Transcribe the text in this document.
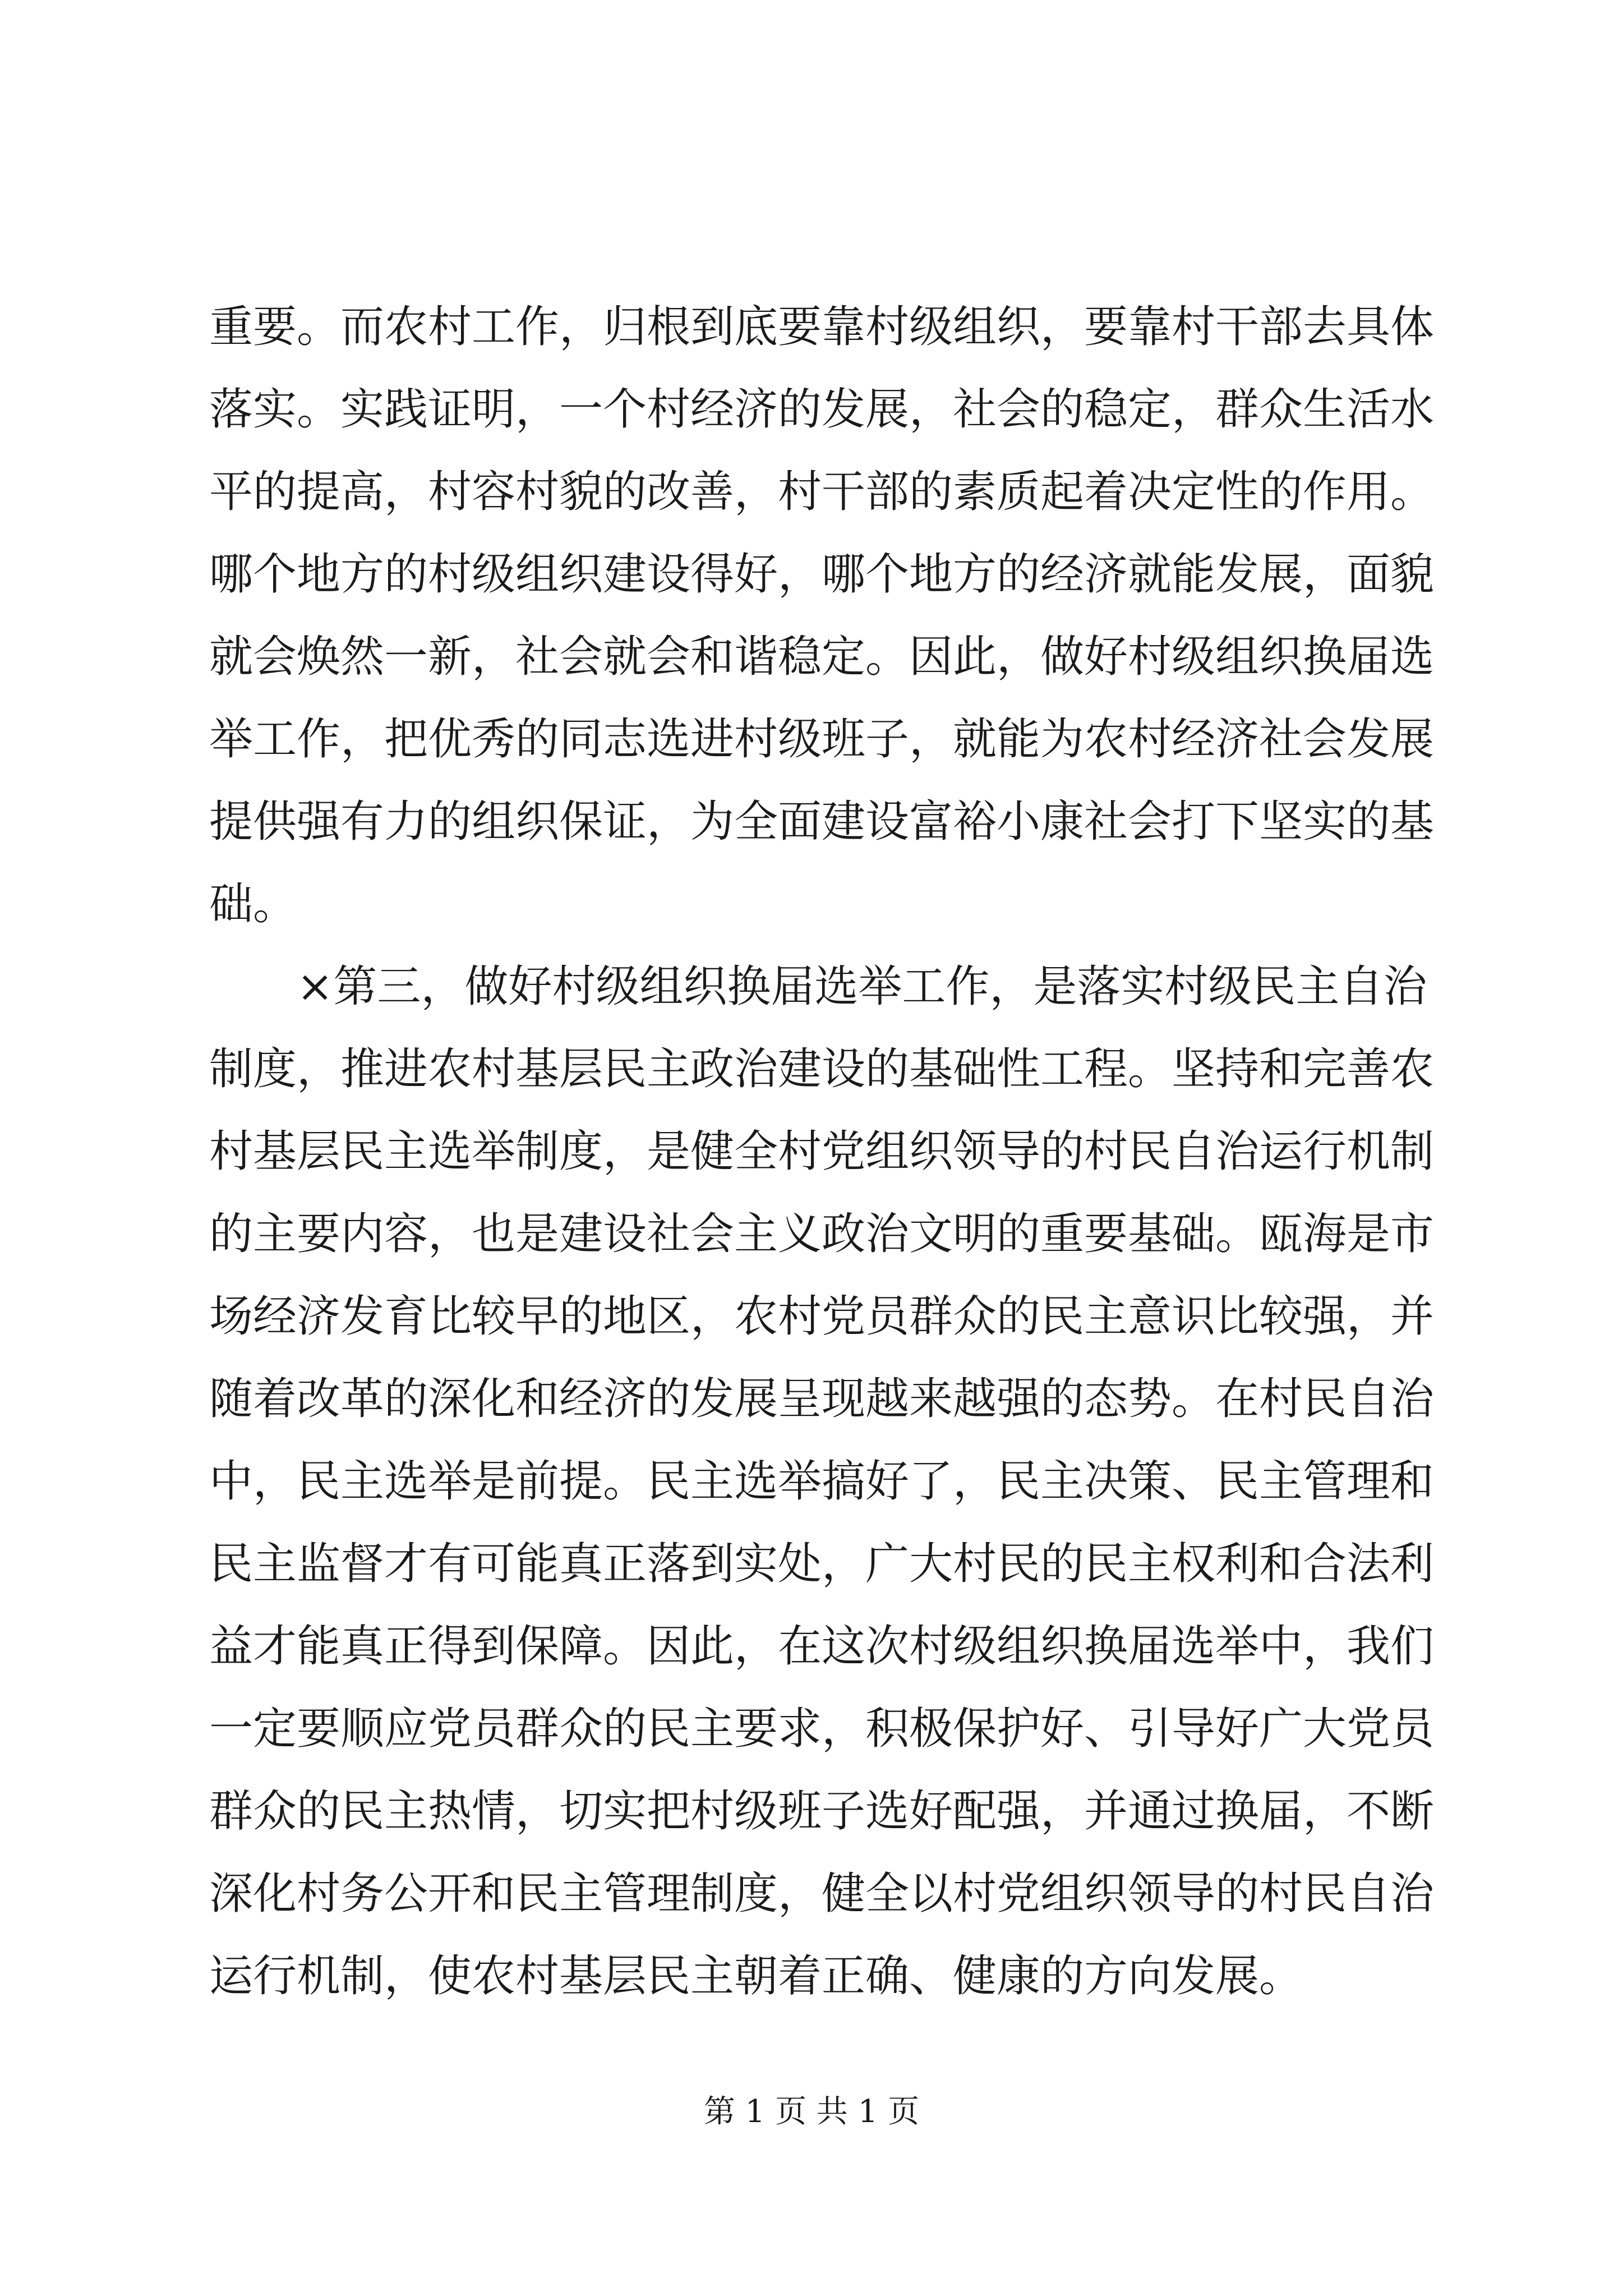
重要。而农村工作，归根到底要靠村级组织，要靠村干部去具体
落实。实践证明，一个村经济的发展，社会的稳定，群众生活水
平的提高，村容村貌的改善，村干部的素质起着决定性的作用。
哪个地方的村级组织建设得好，哪个地方的经济就能发展，面貌
就会焕然一新，社会就会和谐稳定。因此，做好村级组织换届选
举工作，把优秀的同志选进村级班子，就能为农村经济社会发展
提供强有力的组织保证，为全面建设富裕小康社会打下坚实的基
础。
　　×第三，做好村级组织换届选举工作，是落实村级民主自治
制度，推进农村基层民主政治建设的基础性工程。坚持和完善农
村基层民主选举制度，是健全村党组织领导的村民自治运行机制
的主要内容，也是建设社会主义政治文明的重要基础。瓯海是市
场经济发育比较早的地区，农村党员群众的民主意识比较强，并
随着改革的深化和经济的发展呈现越来越强的态势。在村民自治
中，民主选举是前提。民主选举搞好了，民主决策、民主管理和
民主监督才有可能真正落到实处，广大村民的民主权利和合法利
益才能真正得到保障。因此，在这次村级组织换届选举中，我们
一定要顺应党员群众的民主要求，积极保护好、引导好广大党员
群众的民主热情，切实把村级班子选好配强，并通过换届，不断
深化村务公开和民主管理制度，健全以村党组织领导的村民自治
运行机制，使农村基层民主朝着正确、健康的方向发展。
第 1 页 共 1 页
